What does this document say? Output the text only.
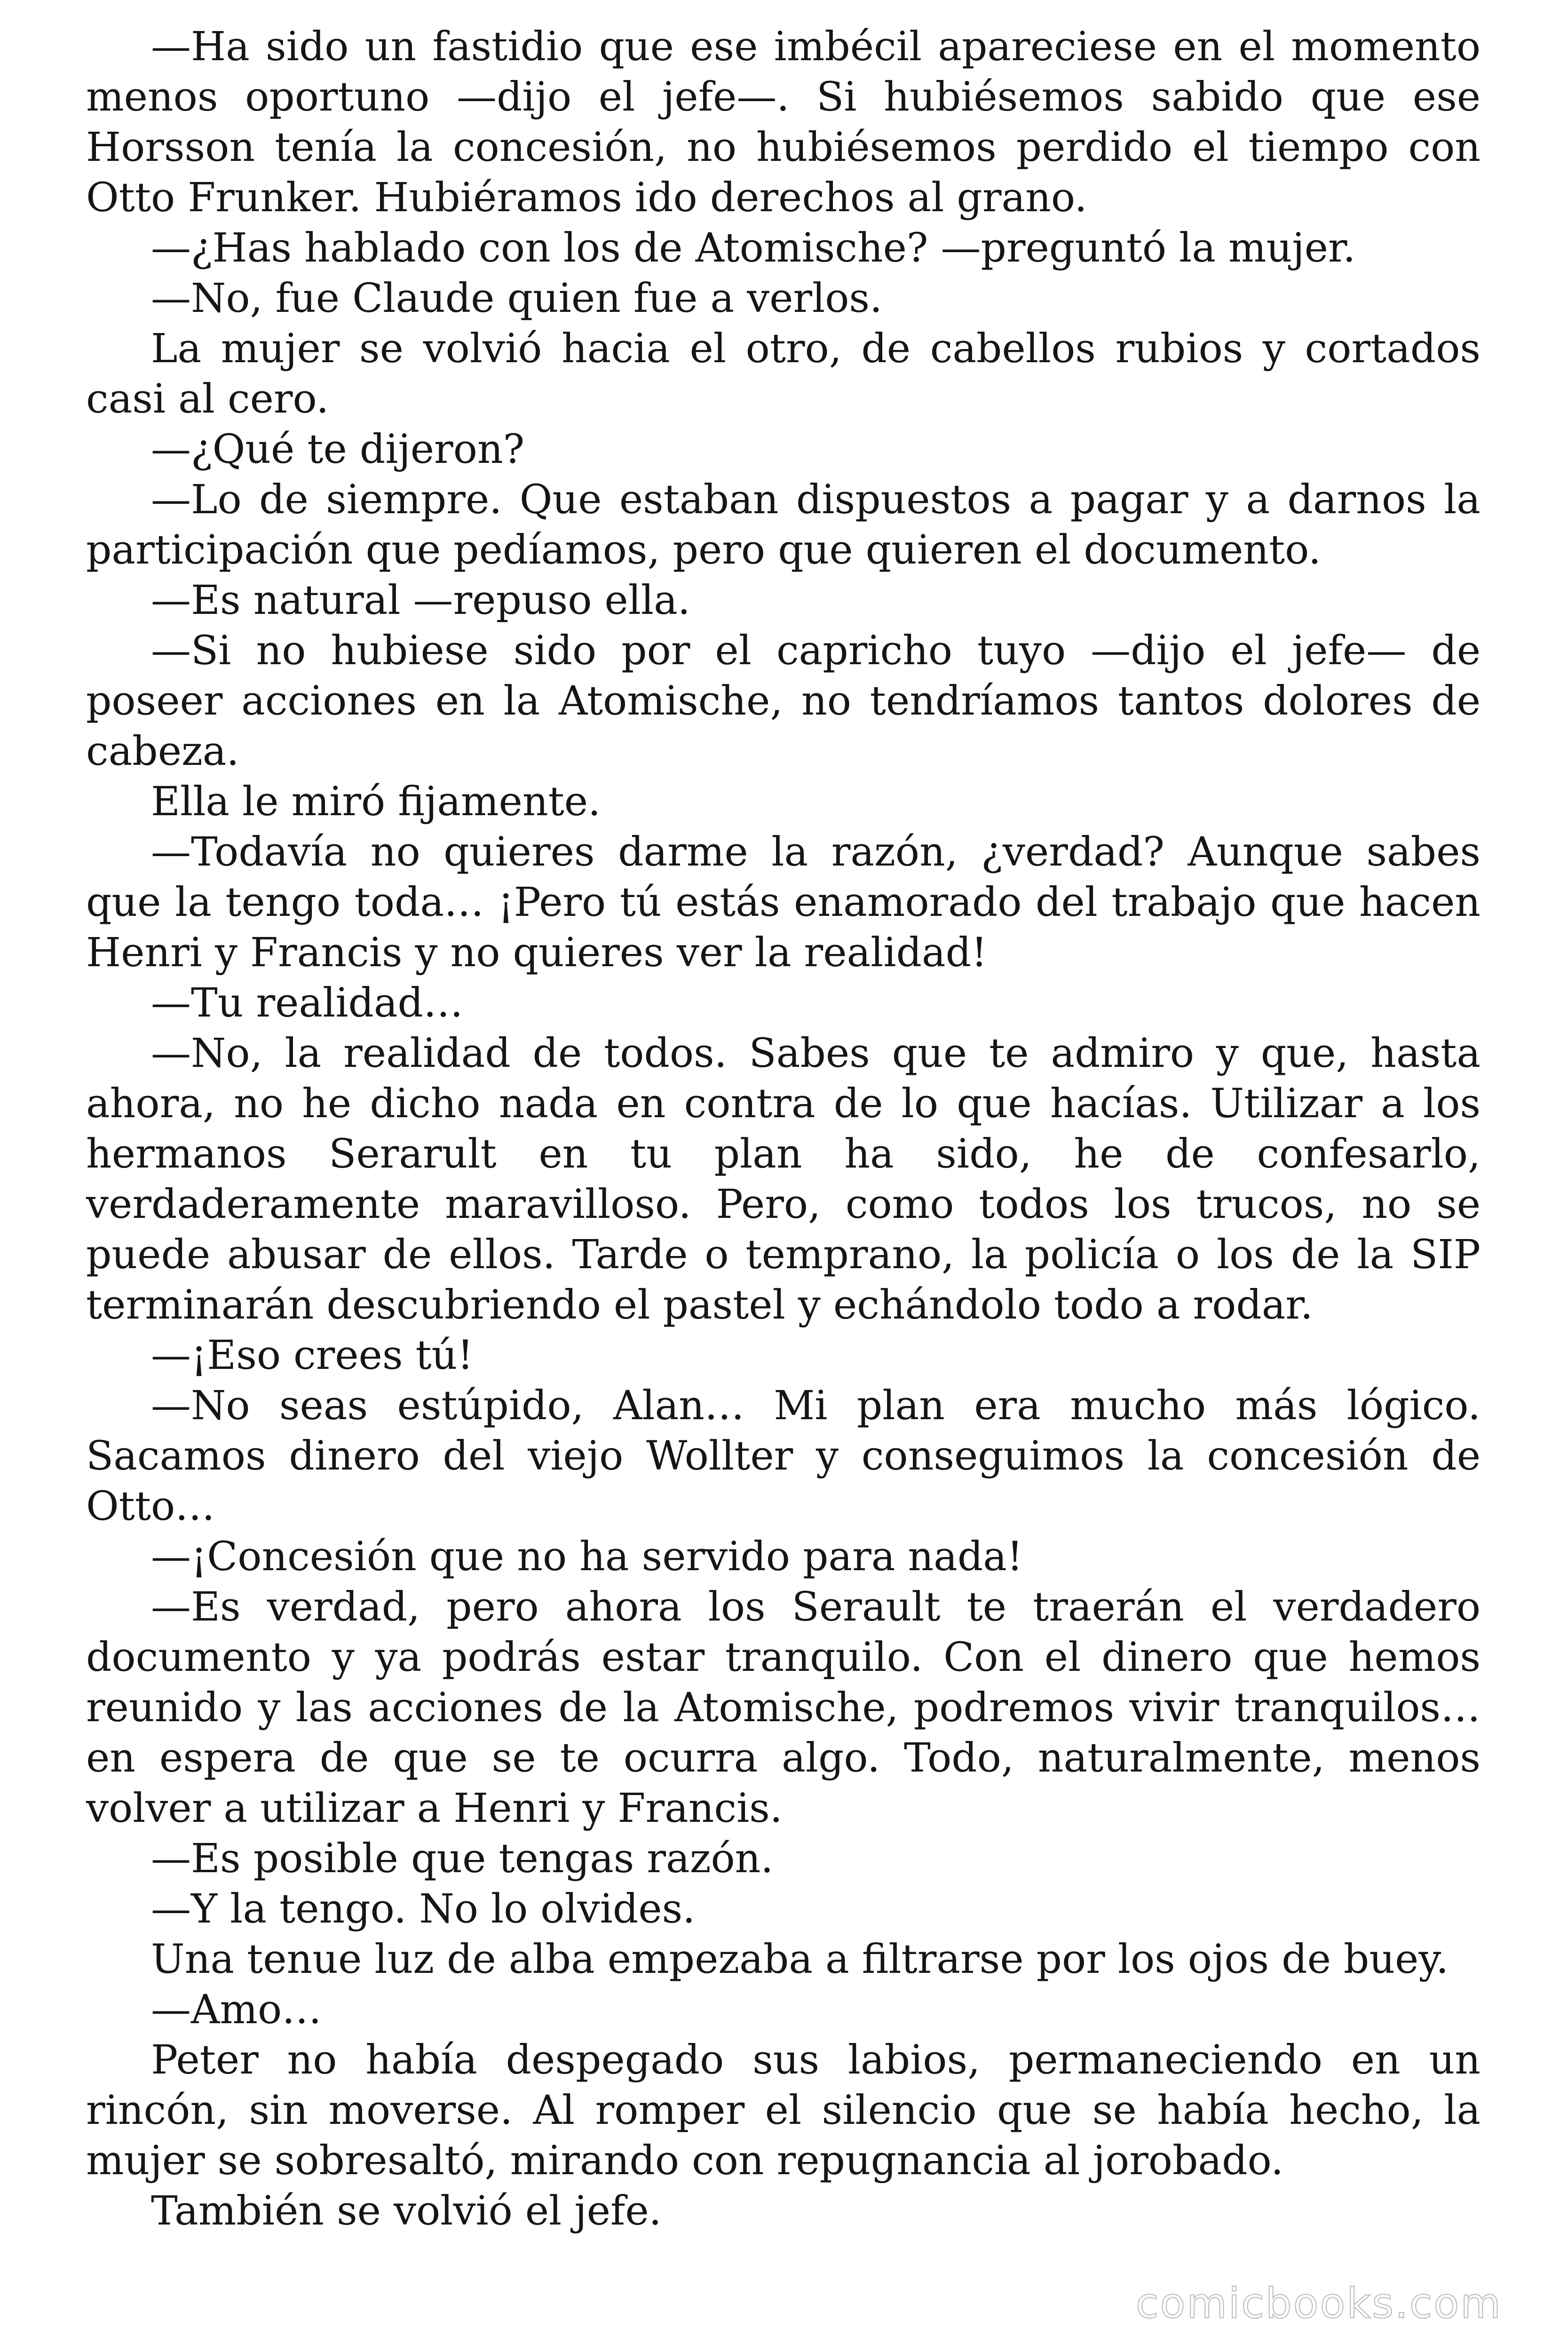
—Ha sido un fastidio que ese imbécil apareciese en el momento menos oportuno —dijo el jefe—. Si hubiésemos sabido que ese Horsson tenía la concesión, no hubiésemos perdido el tiempo con Otto Frunker. Hubiéramos ido derechos al grano.

—¿Has hablado con los de Atomische? —preguntó la mujer.

—No, fue Claude quien fue a verlos.

La mujer se volvió hacia el otro, de cabellos rubios y cortados casi al cero.

—¿Qué te dijeron?

—Lo de siempre. Que estaban dispuestos a pagar y a darnos la participación que pedíamos, pero que quieren el documento.

—Es natural —repuso ella.

—Si no hubiese sido por el capricho tuyo —dijo el jefe— de poseer acciones en la Atomische, no tendríamos tantos dolores de cabeza.

Ella le miró fijamente.

—Todavía no quieres darme la razón, ¿verdad? Aunque sabes que la tengo toda… ¡Pero tú estás enamorado del trabajo que hacen Henri y Francis y no quieres ver la realidad!

—Tu realidad…

—No, la realidad de todos. Sabes que te admiro y que, hasta ahora, no he dicho nada en contra de lo que hacías. Utilizar a los hermanos Serarult en tu plan ha sido, he de confesarlo, verdaderamente maravilloso. Pero, como todos los trucos, no se puede abusar de ellos. Tarde o temprano, la policía o los de la SIP terminarán descubriendo el pastel y echándolo todo a rodar.

—¡Eso crees tú!

—No seas estúpido, Alan… Mi plan era mucho más lógico. Sacamos dinero del viejo Wollter y conseguimos la concesión de Otto…

—¡Concesión que no ha servido para nada!

—Es verdad, pero ahora los Serault te traerán el verdadero documento y ya podrás estar tranquilo. Con el dinero que hemos reunido y las acciones de la Atomische, podremos vivir tranquilos… en espera de que se te ocurra algo. Todo, naturalmente, menos volver a utilizar a Henri y Francis.

—Es posible que tengas razón.

—Y la tengo. No lo olvides.

Una tenue luz de alba empezaba a filtrarse por los ojos de buey.

—Amo…

Peter no había despegado sus labios, permaneciendo en un rincón, sin moverse. Al romper el silencio que se había hecho, la mujer se sobresaltó, mirando con repugnancia al jorobado.

También se volvió el jefe.

comicbooks.com
